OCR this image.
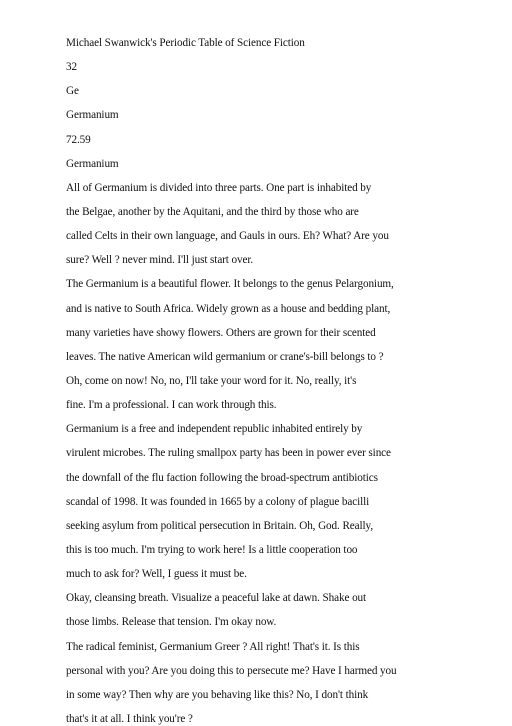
Michael Swanwick's Periodic Table of Science Fiction
32
Ge
Germanium
72.59
Germanium
All of Germanium is divided into three parts. One part is inhabited by
the Belgae, another by the Aquitani, and the third by those who are
called Celts in their own language, and Gauls in ours. Eh? What? Are you
sure? Well ? never mind. I'll just start over.
The Germanium is a beautiful flower. It belongs to the genus Pelargonium,
and is native to South Africa. Widely grown as a house and bedding plant,
many varieties have showy flowers. Others are grown for their scented
leaves. The native American wild germanium or crane's-bill belongs to ?
Oh, come on now! No, no, I'll take your word for it. No, really, it's
fine. I'm a professional. I can work through this.
Germanium is a free and independent republic inhabited entirely by
virulent microbes. The ruling smallpox party has been in power ever since
the downfall of the flu faction following the broad-spectrum antibiotics
scandal of 1998. It was founded in 1665 by a colony of plague bacilli
seeking asylum from political persecution in Britain. Oh, God. Really,
this is too much. I'm trying to work here! Is a little cooperation too
much to ask for? Well, I guess it must be.
Okay, cleansing breath. Visualize a peaceful lake at dawn. Shake out
those limbs. Release that tension. I'm okay now.
The radical feminist, Germanium Greer ? All right! That's it. Is this
personal with you? Are you doing this to persecute me? Have I harmed you
in some way? Then why are you behaving like this? No, I don't think
that's it at all. I think you're ?
